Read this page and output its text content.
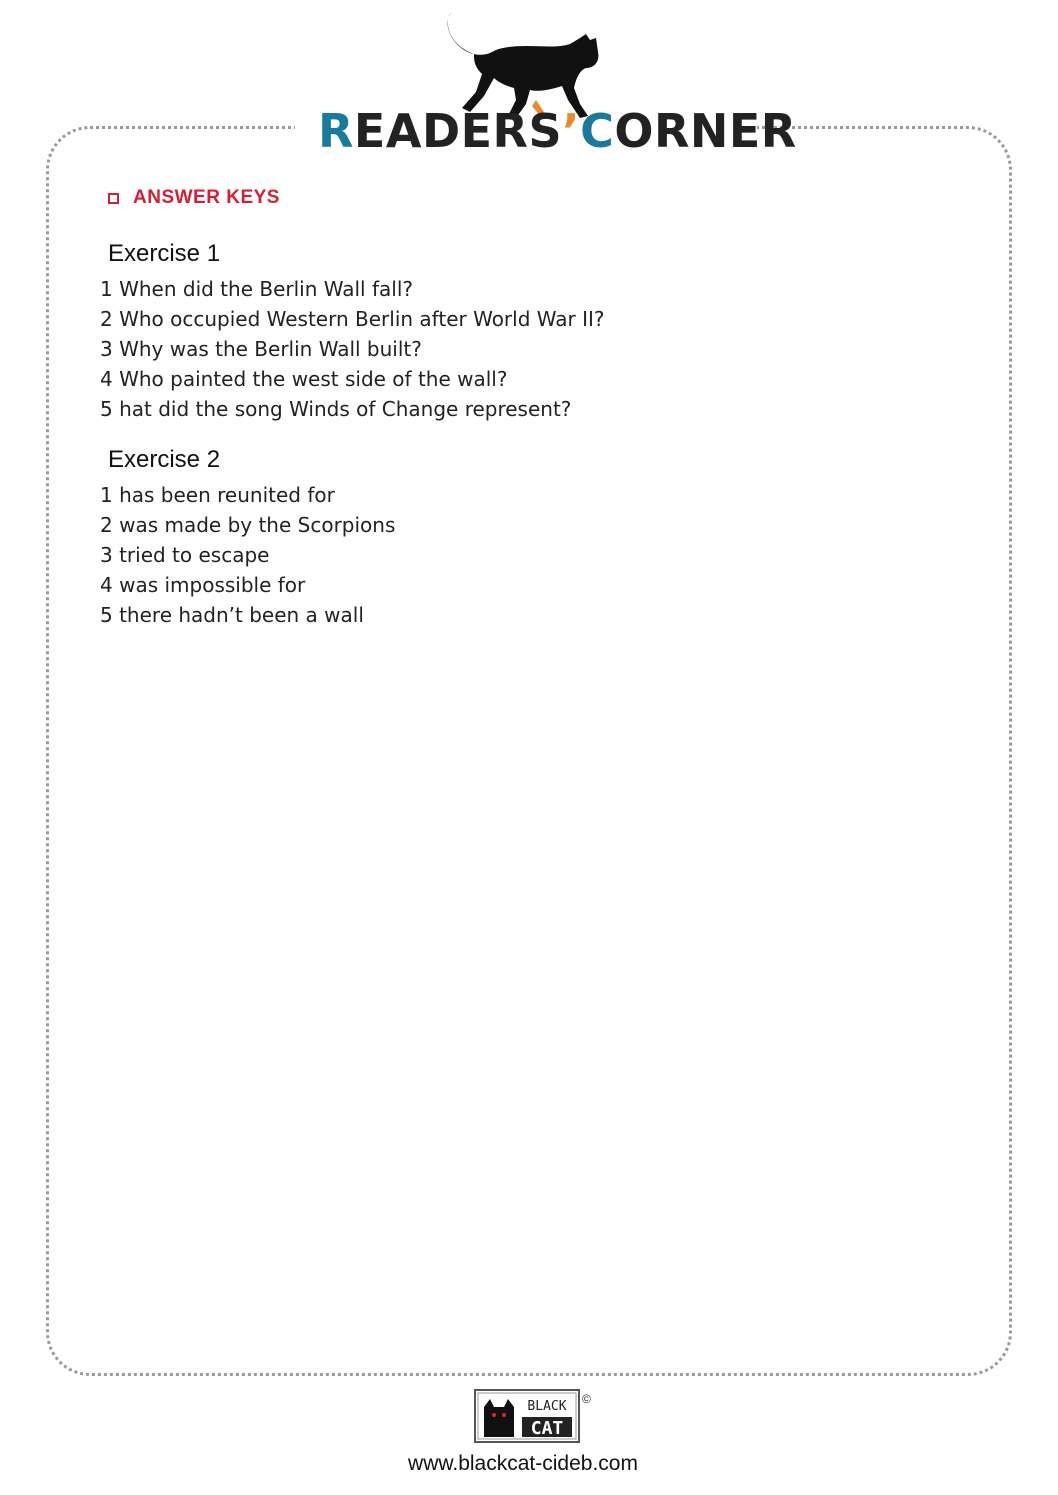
READERS’CORNER
ANSWER KEYS
Exercise 1
1 When did the Berlin Wall fall?
2 Who occupied Western Berlin after World War II?
3 Why was the Berlin Wall built?
4 Who painted the west side of the wall?
5 hat did the song Winds of Change represent?
Exercise 2
1 has been reunited for
2 was made by the Scorpions
3 tried to escape
4 was impossible for
5 there hadn’t been a wall
BLACK
CAT
©
www.blackcat-cideb.com
